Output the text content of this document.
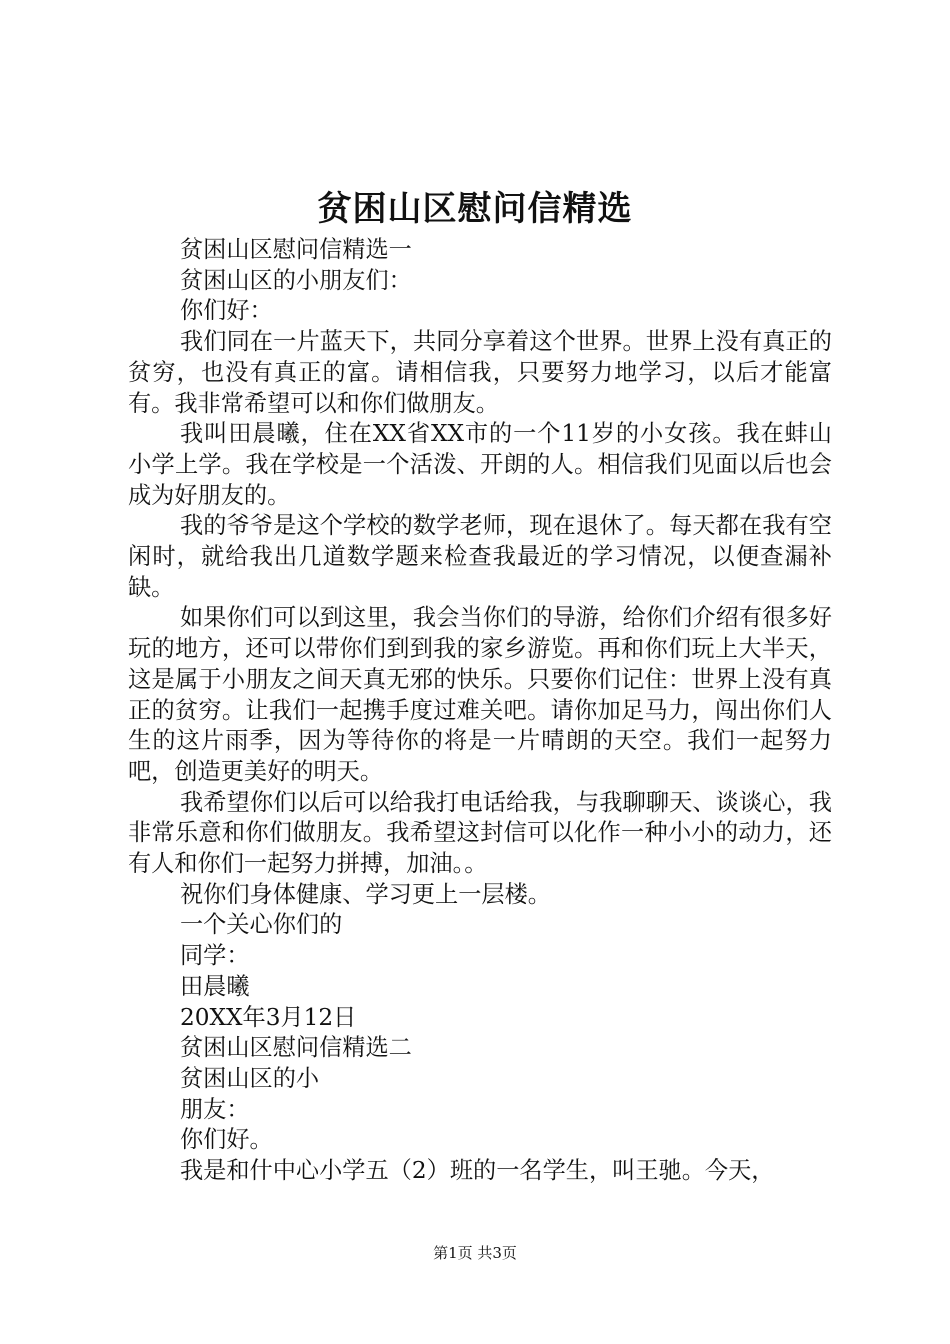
贫困山区慰问信精选
贫困山区慰问信精选一
贫困山区的小朋友们：
你们好：
我们同在一片蓝天下，共同分享着这个世界。世界上没有真正的贫穷，也没有真正的富。请相信我，只要努力地学习，以后才能富有。我非常希望可以和你们做朋友。
我叫田晨曦，住在XX省XX市的一个11岁的小女孩。我在蚌山小学上学。我在学校是一个活泼、开朗的人。相信我们见面以后也会成为好朋友的。
我的爷爷是这个学校的数学老师，现在退休了。每天都在我有空闲时，就给我出几道数学题来检查我最近的学习情况，以便查漏补缺。
如果你们可以到这里，我会当你们的导游，给你们介绍有很多好玩的地方，还可以带你们到到我的家乡游览。再和你们玩上大半天，这是属于小朋友之间天真无邪的快乐。只要你们记住：世界上没有真正的贫穷。让我们一起携手度过难关吧。请你加足马力，闯出你们人生的这片雨季，因为等待你的将是一片晴朗的天空。我们一起努力吧，创造更美好的明天。
我希望你们以后可以给我打电话给我，与我聊聊天、谈谈心，我非常乐意和你们做朋友。我希望这封信可以化作一种小小的动力，还有人和你们一起努力拼搏，加油。。
祝你们身体健康、学习更上一层楼。
一个关心你们的
同学：
田晨曦
20XX年3月12日
贫困山区慰问信精选二
贫困山区的小
朋友：
你们好。
我是和什中心小学五（2）班的一名学生，叫王驰。今天，
第1页 共3页
